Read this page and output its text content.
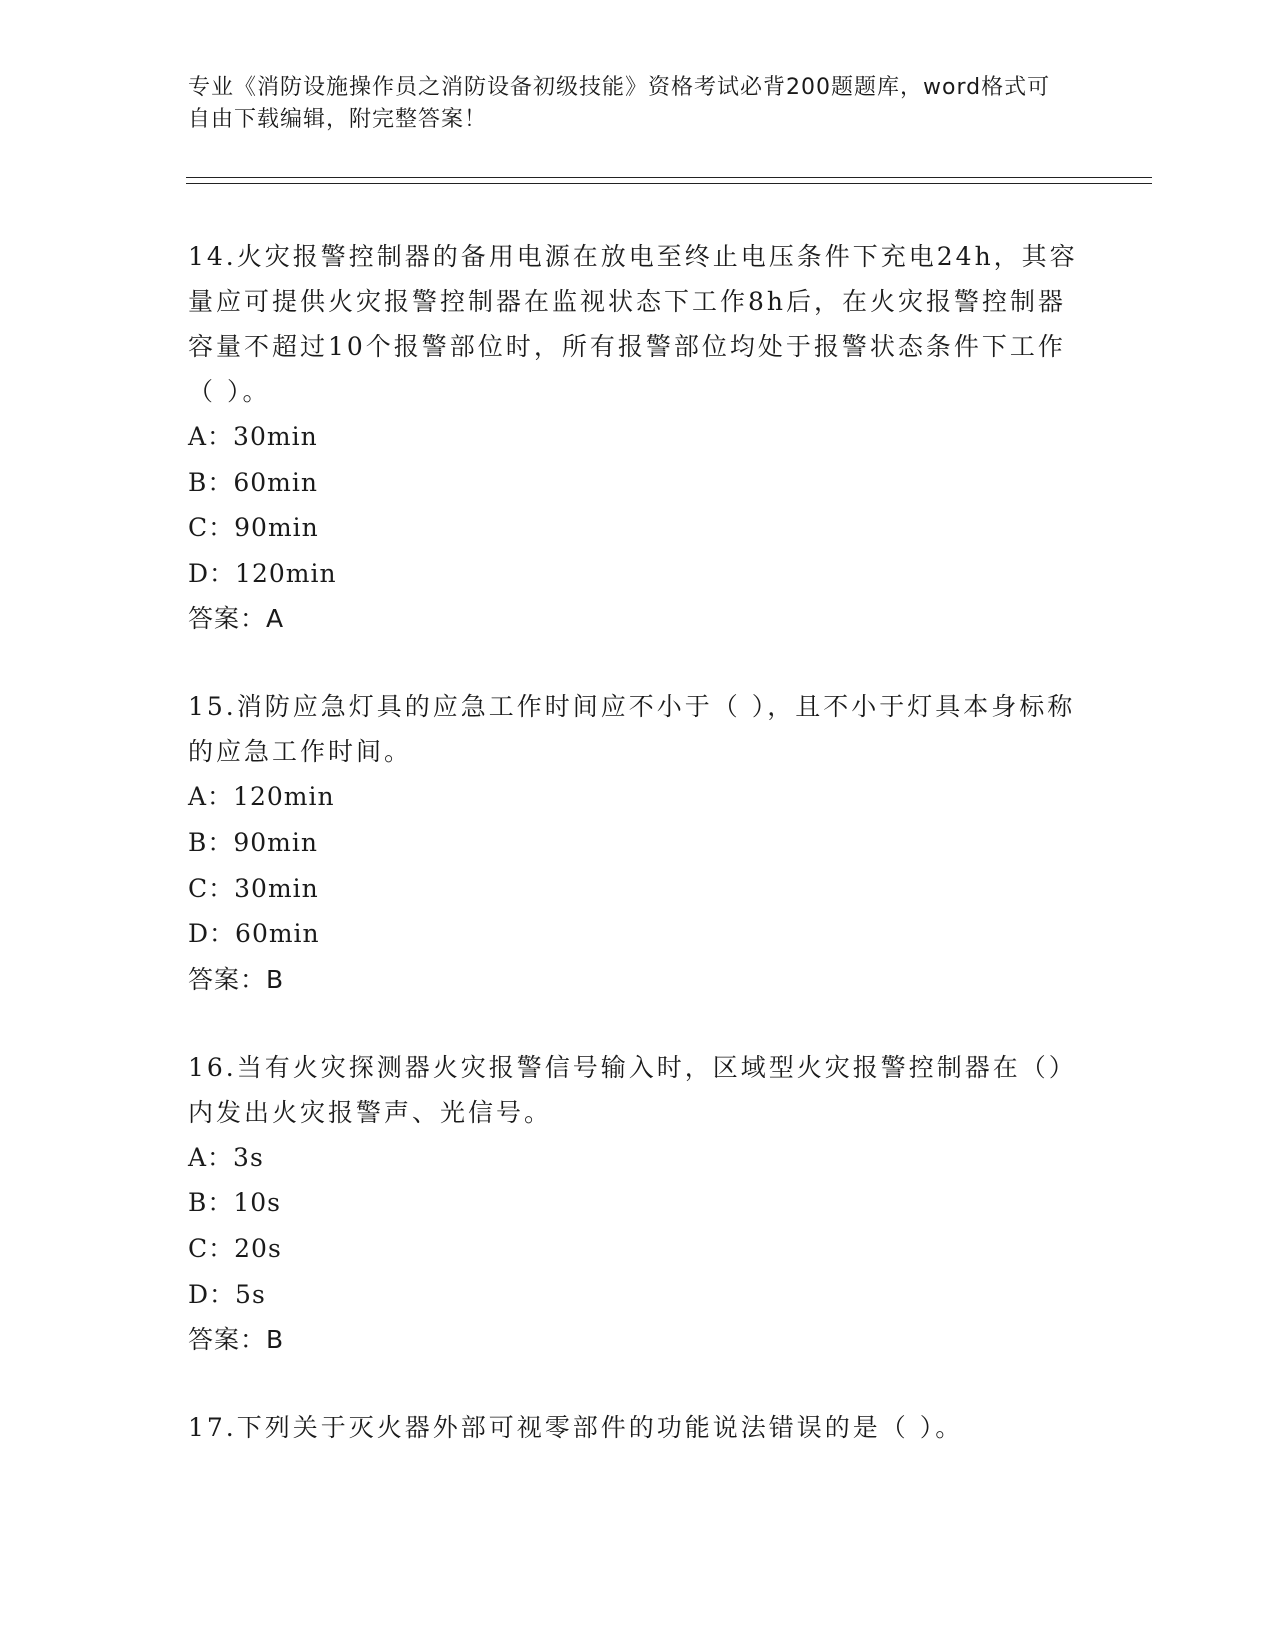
专业《消防设施操作员之消防设备初级技能》资格考试必背200题题库，word格式可自由下载编辑，附完整答案！

14.火灾报警控制器的备用电源在放电至终止电压条件下充电24h，其容量应可提供火灾报警控制器在监视状态下工作8h后，在火灾报警控制器容量不超过10个报警部位时，所有报警部位均处于报警状态条件下工作（ ）。

A：30min

B：60min

C：90min

D：120min

答案：A

15.消防应急灯具的应急工作时间应不小于（ ），且不小于灯具本身标称的应急工作时间。

A：120min

B：90min

C：30min

D：60min

答案：B

16.当有火灾探测器火灾报警信号输入时，区域型火灾报警控制器在（）内发出火灾报警声、光信号。

A：3s

B：10s

C：20s

D：5s

答案：B

17.下列关于灭火器外部可视零部件的功能说法错误的是（ ）。
